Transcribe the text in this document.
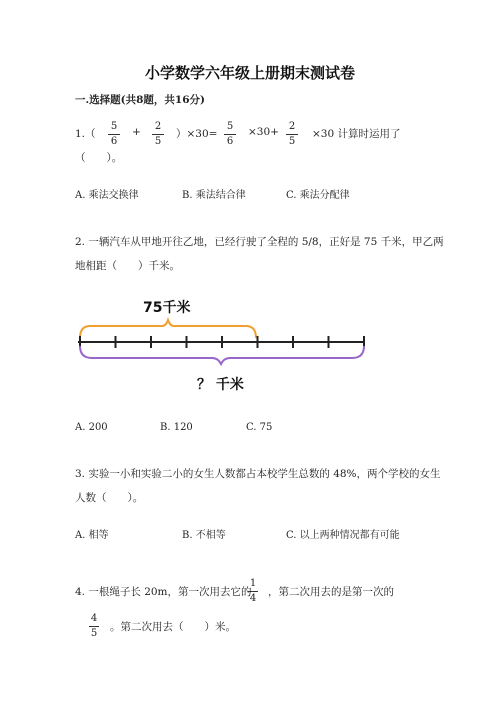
小学数学六年级上册期末测试卷
一.选择题(共8题，共16分)
$1.( \frac{5}{6} + \frac{2}{5} )\times 30= \frac{5}{6} \times 30+ \frac{2}{5} \times 30$ 计算时运用了
（　　）。
A. 乘法交换律	B. 乘法结合律	C. 乘法分配律
2. 一辆汽车从甲地开往乙地，已经行驶了全程的 5/8，正好是 75 千米，甲乙两
地相距（　　）千米。
75千米
？ 千米
A. 200	B. 120	C. 75
3. 实验一小和实验二小的女生人数都占本校学生总数的 48%，两个学校的女生
人数（　　）。
A. 相等	B. 不相等	C. 以上两种情况都有可能
4. 一根绳子长 20m，第一次用去它的
$\frac{1}{4}$ ，第二次用去的是第一次的
$\frac{4}{5}$ 。第二次用去（　　）米。
